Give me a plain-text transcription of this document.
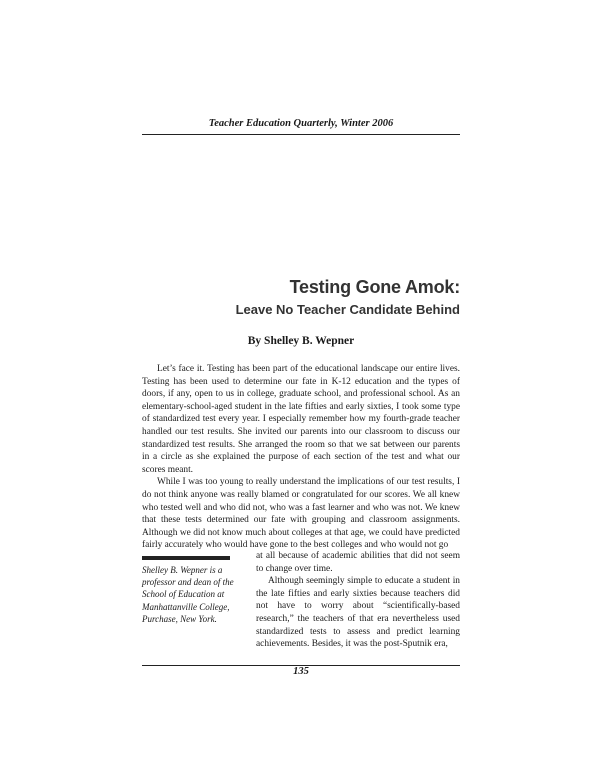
Teacher Education Quarterly, Winter 2006
Testing Gone Amok:
Leave No Teacher Candidate Behind
By Shelley B. Wepner

Let’s face it. Testing has been part of the educational landscape our entire lives. Testing has been used to determine our fate in K-12 education and the types of doors, if any, open to us in college, graduate school, and professional school. As an elementary-school-aged student in the late fifties and early sixties, I took some type of standardized test every year. I especially remember how my fourth-grade teacher handled our test results. She invited our parents into our classroom to discuss our standardized test results. She arranged the room so that we sat between our parents in a circle as she explained the purpose of each section of the test and what our scores meant.

While I was too young to really understand the implications of our test results, I do not think anyone was really blamed or congratulated for our scores. We all knew who tested well and who did not, who was a fast learner and who was not. We knew that these tests determined our fate with grouping and classroom assignments. Although we did not know much about colleges at that age, we could have predicted fairly accurately who would have gone to the best colleges and who would not go

Shelley B. Wepner is a professor and dean of the School of Education at Manhattanville College, Purchase, New York.

at all because of academic abilities that did not seem to change over time.

Although seemingly simple to educate a student in the late fifties and early sixties because teachers did not have to worry about “scientifically-based research,” the teachers of that era nevertheless used standardized tests to assess and predict learning achievements. Besides, it was the post-Sputnik era,

135
